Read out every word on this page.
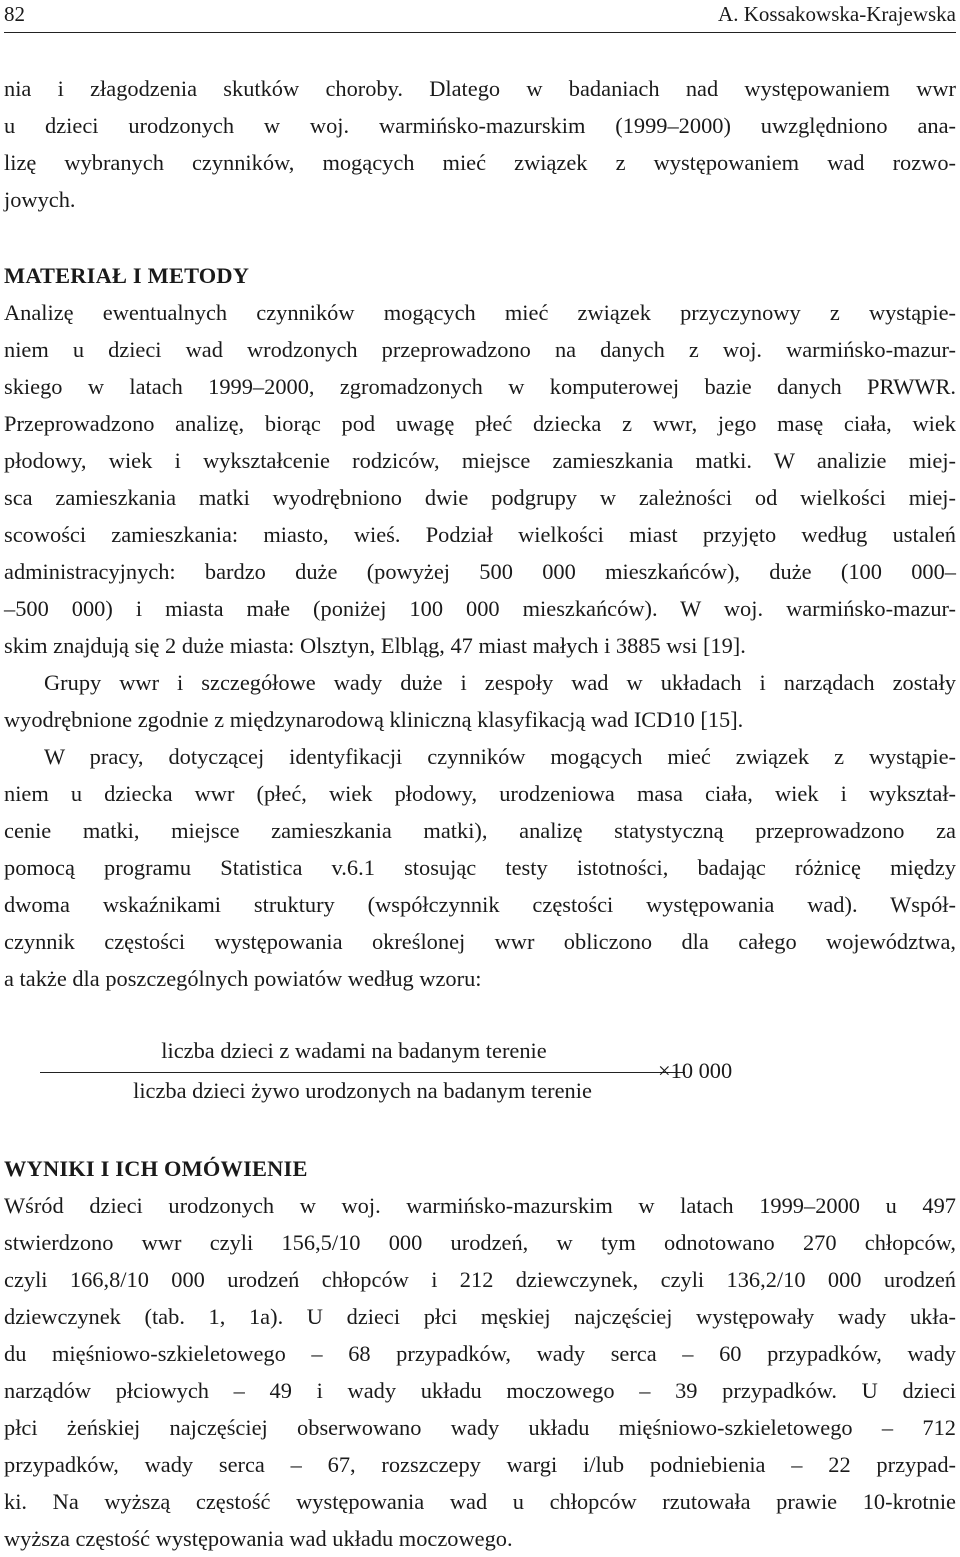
82	A. Kossakowska-Krajewska
nia i złagodzenia skutków choroby. Dlatego w badaniach nad występowaniem wwr
u dzieci urodzonych w woj. warmińsko-mazurskim (1999–2000) uwzględniono ana-
lizę wybranych czynników, mogących mieć związek z występowaniem wad rozwo-
jowych.
MATERIAŁ I METODY
Analizę ewentualnych czynników mogących mieć związek przyczynowy z wystąpie-
niem u dzieci wad wrodzonych przeprowadzono na danych z woj. warmińsko-mazur-
skiego w latach 1999–2000, zgromadzonych w komputerowej bazie danych PRWWR.
Przeprowadzono analizę, biorąc pod uwagę płeć dziecka z wwr, jego masę ciała, wiek
płodowy, wiek i wykształcenie rodziców, miejsce zamieszkania matki. W analizie miej-
sca zamieszkania matki wyodrębniono dwie podgrupy w zależności od wielkości miej-
scowości zamieszkania: miasto, wieś. Podział wielkości miast przyjęto według ustaleń
administracyjnych: bardzo duże (powyżej 500 000 mieszkańców), duże (100 000–
–500 000) i miasta małe (poniżej 100 000 mieszkańców). W woj. warmińsko-mazur-
skim znajdują się 2 duże miasta: Olsztyn, Elbląg, 47 miast małych i 3885 wsi [19].
Grupy wwr i szczegółowe wady duże i zespoły wad w układach i narządach zostały
wyodrębnione zgodnie z międzynarodową kliniczną klasyfikacją wad ICD10 [15].
W pracy, dotyczącej identyfikacji czynników mogących mieć związek z wystąpie-
niem u dziecka wwr (płeć, wiek płodowy, urodzeniowa masa ciała, wiek i wykształ-
cenie matki, miejsce zamieszkania matki), analizę statystyczną przeprowadzono za
pomocą programu Statistica v.6.1 stosując testy istotności, badając różnicę między
dwoma wskaźnikami struktury (współczynnik częstości występowania wad). Współ-
czynnik częstości występowania określonej wwr obliczono dla całego województwa,
a także dla poszczególnych powiatów według wzoru:
liczba dzieci z wadami na badanym terenie
liczba dzieci żywo urodzonych na badanym terenie
×10 000
WYNIKI I ICH OMÓWIENIE
Wśród dzieci urodzonych w woj. warmińsko-mazurskim w latach 1999–2000 u 497
stwierdzono wwr czyli 156,5/10 000 urodzeń, w tym odnotowano 270 chłopców,
czyli 166,8/10 000 urodzeń chłopców i 212 dziewczynek, czyli 136,2/10 000 urodzeń
dziewczynek (tab. 1, 1a). U dzieci płci męskiej najczęściej występowały wady ukła-
du mięśniowo-szkieletowego – 68 przypadków, wady serca – 60 przypadków, wady
narządów płciowych – 49 i wady układu moczowego – 39 przypadków. U dzieci
płci żeńskiej najczęściej obserwowano wady układu mięśniowo-szkieletowego – 712
przypadków, wady serca – 67, rozszczepy wargi i/lub podniebienia – 22 przypad-
ki. Na wyższą częstość występowania wad u chłopców rzutowała prawie 10-krotnie
wyższa częstość występowania wad układu moczowego.
